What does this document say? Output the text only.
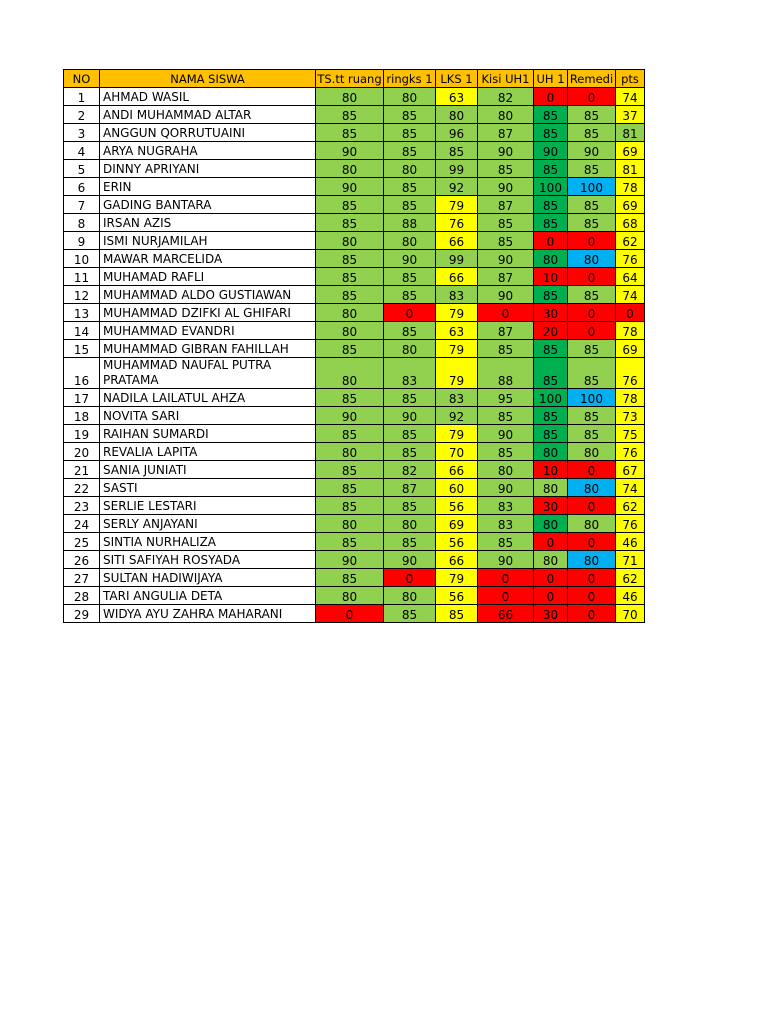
NO	NAMA SISWA	TS.tt ruang	ringks 1	LKS 1	Kisi UH1	UH 1	Remedi	pts
1	AHMAD WASIL	80	80	63	82	0	0	74
2	ANDI MUHAMMAD ALTAR	85	85	80	80	85	85	37
3	ANGGUN QORRUTUAINI	85	85	96	87	85	85	81
4	ARYA NUGRAHA	90	85	85	90	90	90	69
5	DINNY APRIYANI	80	80	99	85	85	85	81
6	ERIN	90	85	92	90	100	100	78
7	GADING BANTARA	85	85	79	87	85	85	69
8	IRSAN AZIS	85	88	76	85	85	85	68
9	ISMI NURJAMILAH	80	80	66	85	0	0	62
10	MAWAR MARCELIDA	85	90	99	90	80	80	76
11	MUHAMAD RAFLI	85	85	66	87	10	0	64
12	MUHAMMAD ALDO GUSTIAWAN	85	85	83	90	85	85	74
13	MUHAMMAD DZIFKI AL GHIFARI	80	0	79	0	30	0	0
14	MUHAMMAD EVANDRI	80	85	63	87	20	0	78
15	MUHAMMAD GIBRAN FAHILLAH	85	80	79	85	85	85	69
16	MUHAMMAD NAUFAL PUTRA PRATAMA	80	83	79	88	85	85	76
17	NADILA LAILATUL AHZA	85	85	83	95	100	100	78
18	NOVITA SARI	90	90	92	85	85	85	73
19	RAIHAN SUMARDI	85	85	79	90	85	85	75
20	REVALIA LAPITA	80	85	70	85	80	80	76
21	SANIA JUNIATI	85	82	66	80	10	0	67
22	SASTI	85	87	60	90	80	80	74
23	SERLIE LESTARI	85	85	56	83	30	0	62
24	SERLY ANJAYANI	80	80	69	83	80	80	76
25	SINTIA NURHALIZA	85	85	56	85	0	0	46
26	SITI SAFIYAH ROSYADA	90	90	66	90	80	80	71
27	SULTAN HADIWIJAYA	85	0	79	0	0	0	62
28	TARI ANGULIA DETA	80	80	56	0	0	0	46
29	WIDYA AYU ZAHRA MAHARANI	0	85	85	66	30	0	70
